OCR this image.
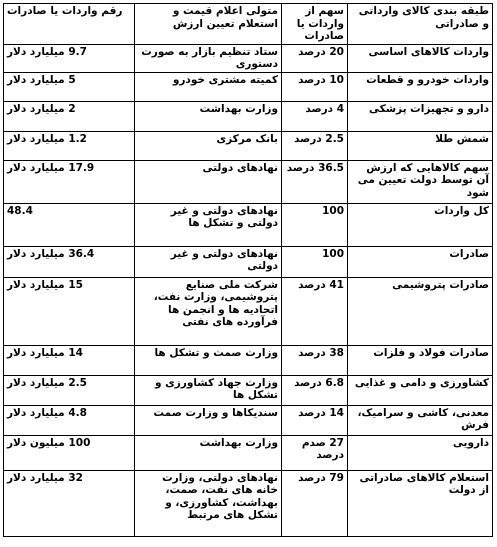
طبقه بندی کالای وارداتی و صادراتی	سهم از واردات یا صادرات	متولی اعلام قیمت و استعلام تعیین ارزش	رقم واردات یا صادرات
واردات کالاهای اساسی	20 درصد	ستاد تنظیم بازار به صورت دستوری	9.7 میلیارد دلار

واردات خودرو و قطعات	10 درصد	کمیته مشتری خودرو	5 میلیارد دلار

دارو و تجهیزات پزشکی	4 درصد	وزارت بهداشت	2 میلیارد دلار

شمش طلا	2.5 درصد	بانک مرکزی	1.2 میلیارد دلار

سهم کالاهایی که ارزش آن توسط دولت تعیین می شود	36.5 درصد	نهادهای دولتی	17.9 میلیارد دلار

کل واردات	100	نهادهای دولتی و غیر دولتی و تشکل ها	48.4

صادرات	100	نهادهای دولتی و غیر دولتی	36.4 میلیارد دلار

صادرات پتروشیمی	41 درصد	شرکت ملی صنایع پتروشیمی، وزارت نفت، اتحادیه ها و انجمن ها فرآورده های نفتی	15 میلیارد دلار

صادرات فولاد و فلزات	38 درصد	وزارت صمت و تشکل ها	14 میلیارد دلار

کشاورزی و دامی و غذایی	6.8 درصد	وزارت جهاد کشاورزی و تشکل ها	2.5 میلیارد دلار

معدنی، کاشی و سرامیک، فرش	14 درصد	سندیکاها و وزارت صمت	4.8 میلیارد دلار

دارویی	27 صدم درصد	وزارت بهداشت	100 میلیون دلار

استعلام کالاهای صادراتی از دولت	79 درصد	نهادهای دولتی، وزارت خانه های نفت، صمت، بهداشت، کشاورزی، و تشکل های مرتبط	32 میلیارد دلار
